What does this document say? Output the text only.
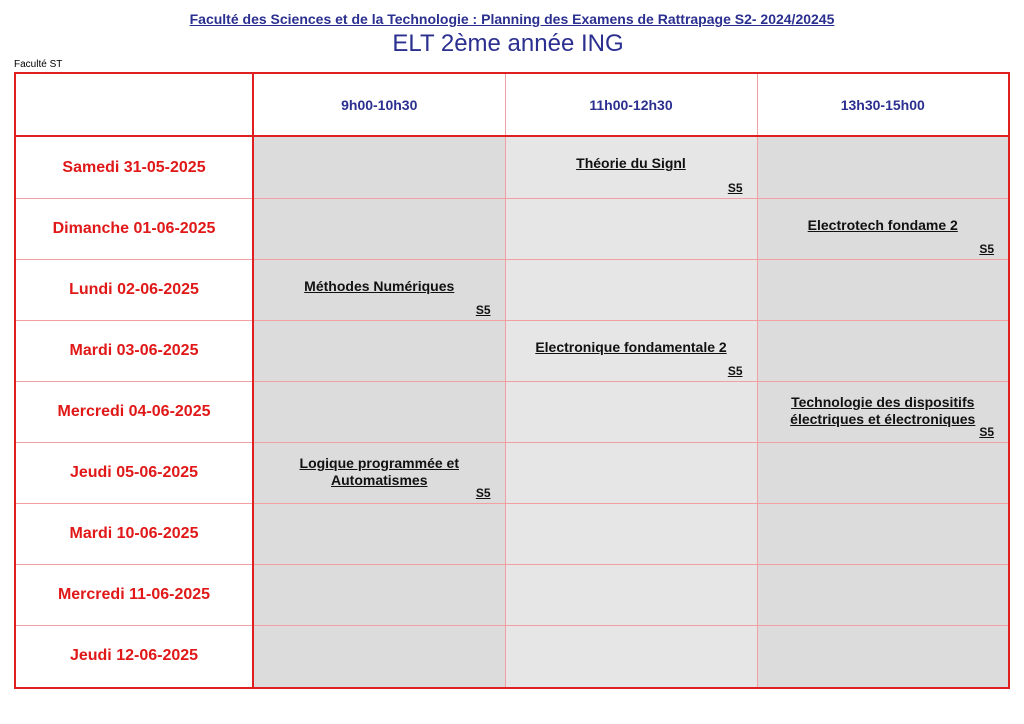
Faculté des Sciences et de la Technologie : Planning des Examens de Rattrapage S2- 2024/20245
ELT 2ème année ING
Faculté ST
	9h00-10h30	11h00-12h30	13h30-15h00
Samedi 31-05-2025		Théorie du Signl
S5	

Dimanche 01-06-2025			Electrotech fondame 2
S5

Lundi 02-06-2025	Méthodes Numériques
S5		

Mardi 03-06-2025		Electronique fondamentale 2
S5	

Mercredi 04-06-2025			Technologie des dispositifs électriques et électroniques
S5

Jeudi 05-06-2025	Logique programmée et Automatismes
S5		

Mardi 10-06-2025			
Mercredi 11-06-2025			
Jeudi 12-06-2025			
